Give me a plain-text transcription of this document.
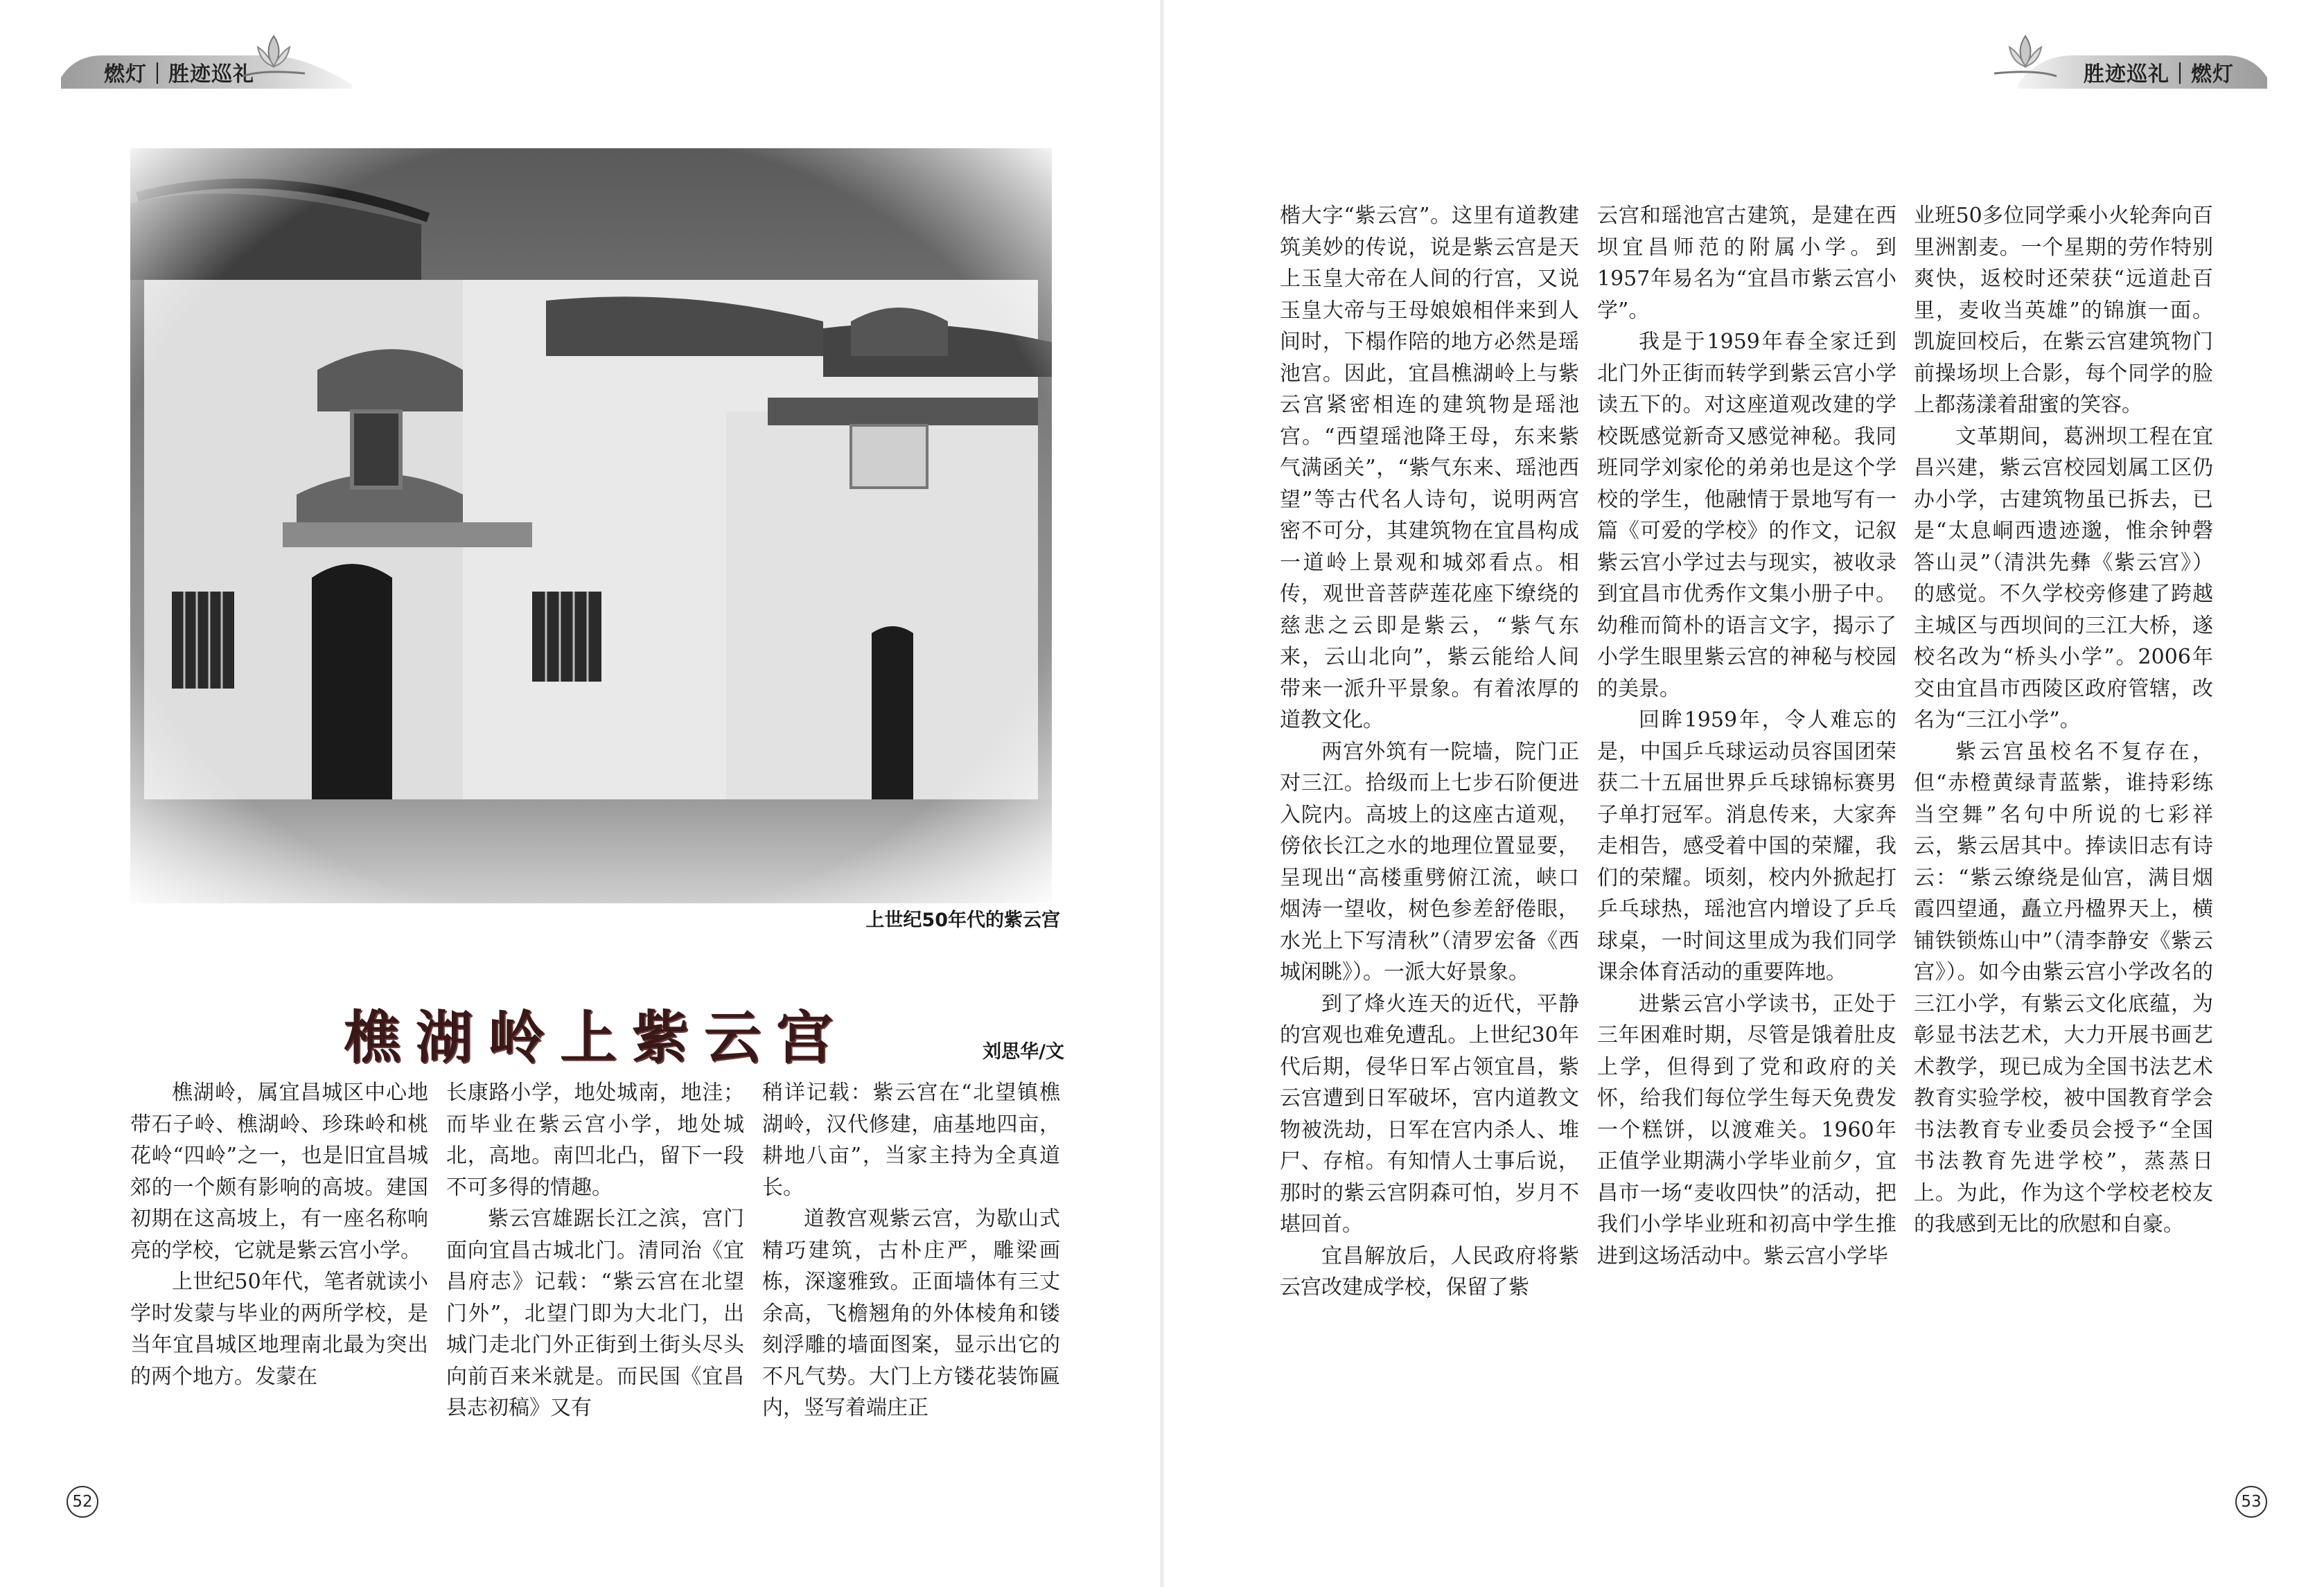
燃灯｜胜迹巡礼	胜迹巡礼｜燃灯
上世纪50年代的紫云宫
樵湖岭上紫云宫	刘思华/文

樵湖岭，属宜昌城区中心地带石子岭、樵湖岭、珍珠岭和桃花岭“四岭”之一，也是旧宜昌城郊的一个颇有影响的高坡。建国初期在这高坡上，有一座名称响亮的学校，它就是紫云宫小学。

上世纪50年代，笔者就读小学时发蒙与毕业的两所学校，是当年宜昌城区地理南北最为突出的两个地方。发蒙在

长康路小学，地处城南，地洼；而毕业在紫云宫小学，地处城北，高地。南凹北凸，留下一段不可多得的情趣。

紫云宫雄踞长江之滨，宫门面向宜昌古城北门。清同治《宜昌府志》记载：“紫云宫在北望门外”，北望门即为大北门，出城门走北门外正街到土街头尽头向前百来米就是。而民国《宜昌县志初稿》又有

稍详记载：紫云宫在“北望镇樵湖岭，汉代修建，庙基地四亩，耕地八亩”，当家主持为全真道长。

道教宫观紫云宫，为歇山式精巧建筑，古朴庄严，雕梁画栋，深邃雅致。正面墙体有三丈余高，飞檐翘角的外体棱角和镂刻浮雕的墙面图案，显示出它的不凡气势。大门上方镂花装饰匾内，竖写着端庄正

楷大字“紫云宫”。这里有道教建筑美妙的传说，说是紫云宫是天上玉皇大帝在人间的行宫，又说玉皇大帝与王母娘娘相伴来到人间时，下榻作陪的地方必然是瑶池宫。因此，宜昌樵湖岭上与紫云宫紧密相连的建筑物是瑶池宫。“西望瑶池降王母，东来紫气满函关”，“紫气东来、瑶池西望”等古代名人诗句，说明两宫密不可分，其建筑物在宜昌构成一道岭上景观和城郊看点。相传，观世音菩萨莲花座下缭绕的慈悲之云即是紫云，“紫气东来，云山北向”，紫云能给人间带来一派升平景象。有着浓厚的道教文化。

两宫外筑有一院墙，院门正对三江。拾级而上七步石阶便进入院内。高坡上的这座古道观，傍依长江之水的地理位置显要，呈现出“高楼重劈俯江流，峡口烟涛一望收，树色参差舒倦眼，水光上下写清秋”（清罗宏备《西城闲眺》）。一派大好景象。

到了烽火连天的近代，平静的宫观也难免遭乱。上世纪30年代后期，侵华日军占领宜昌，紫云宫遭到日军破坏，宫内道教文物被洗劫，日军在宫内杀人、堆尸、存棺。有知情人士事后说，那时的紫云宫阴森可怕，岁月不堪回首。

宜昌解放后，人民政府将紫云宫改建成学校，保留了紫

云宫和瑶池宫古建筑，是建在西坝宜昌师范的附属小学。到1957年易名为“宜昌市紫云宫小学”。

我是于1959年春全家迁到北门外正街而转学到紫云宫小学读五下的。对这座道观改建的学校既感觉新奇又感觉神秘。我同班同学刘家伦的弟弟也是这个学校的学生，他融情于景地写有一篇《可爱的学校》的作文，记叙紫云宫小学过去与现实，被收录到宜昌市优秀作文集小册子中。幼稚而简朴的语言文字，揭示了小学生眼里紫云宫的神秘与校园的美景。

回眸1959年，令人难忘的是，中国乒乓球运动员容国团荣获二十五届世界乒乓球锦标赛男子单打冠军。消息传来，大家奔走相告，感受着中国的荣耀，我们的荣耀。顷刻，校内外掀起打乒乓球热，瑶池宫内增设了乒乓球桌，一时间这里成为我们同学课余体育活动的重要阵地。

进紫云宫小学读书，正处于三年困难时期，尽管是饿着肚皮上学，但得到了党和政府的关怀，给我们每位学生每天免费发一个糕饼，以渡难关。1960年正值学业期满小学毕业前夕，宜昌市一场“麦收四快”的活动，把我们小学毕业班和初高中学生推进到这场活动中。紫云宫小学毕

业班50多位同学乘小火轮奔向百里洲割麦。一个星期的劳作特别爽快，返校时还荣获“远道赴百里，麦收当英雄”的锦旗一面。凯旋回校后，在紫云宫建筑物门前操场坝上合影，每个同学的脸上都荡漾着甜蜜的笑容。

文革期间，葛洲坝工程在宜昌兴建，紫云宫校园划属工区仍办小学，古建筑物虽已拆去，已是“太息峒西遗迹邈，惟余钟磬答山灵”（清洪先彝《紫云宫》）的感觉。不久学校旁修建了跨越主城区与西坝间的三江大桥，遂校名改为“桥头小学”。2006年交由宜昌市西陵区政府管辖，改名为“三江小学”。

紫云宫虽校名不复存在，但“赤橙黄绿青蓝紫，谁持彩练当空舞”名句中所说的七彩祥云，紫云居其中。捧读旧志有诗云：“紫云缭绕是仙宫，满目烟霞四望通，矗立丹楹界天上，横铺铁锁炼山中”（清李静安《紫云宫》）。如今由紫云宫小学改名的三江小学，有紫云文化底蕴，为彰显书法艺术，大力开展书画艺术教学，现已成为全国书法艺术教育实验学校，被中国教育学会书法教育专业委员会授予“全国书法教育先进学校”，蒸蒸日上。为此，作为这个学校老校友的我感到无比的欣慰和自豪。

52	53
